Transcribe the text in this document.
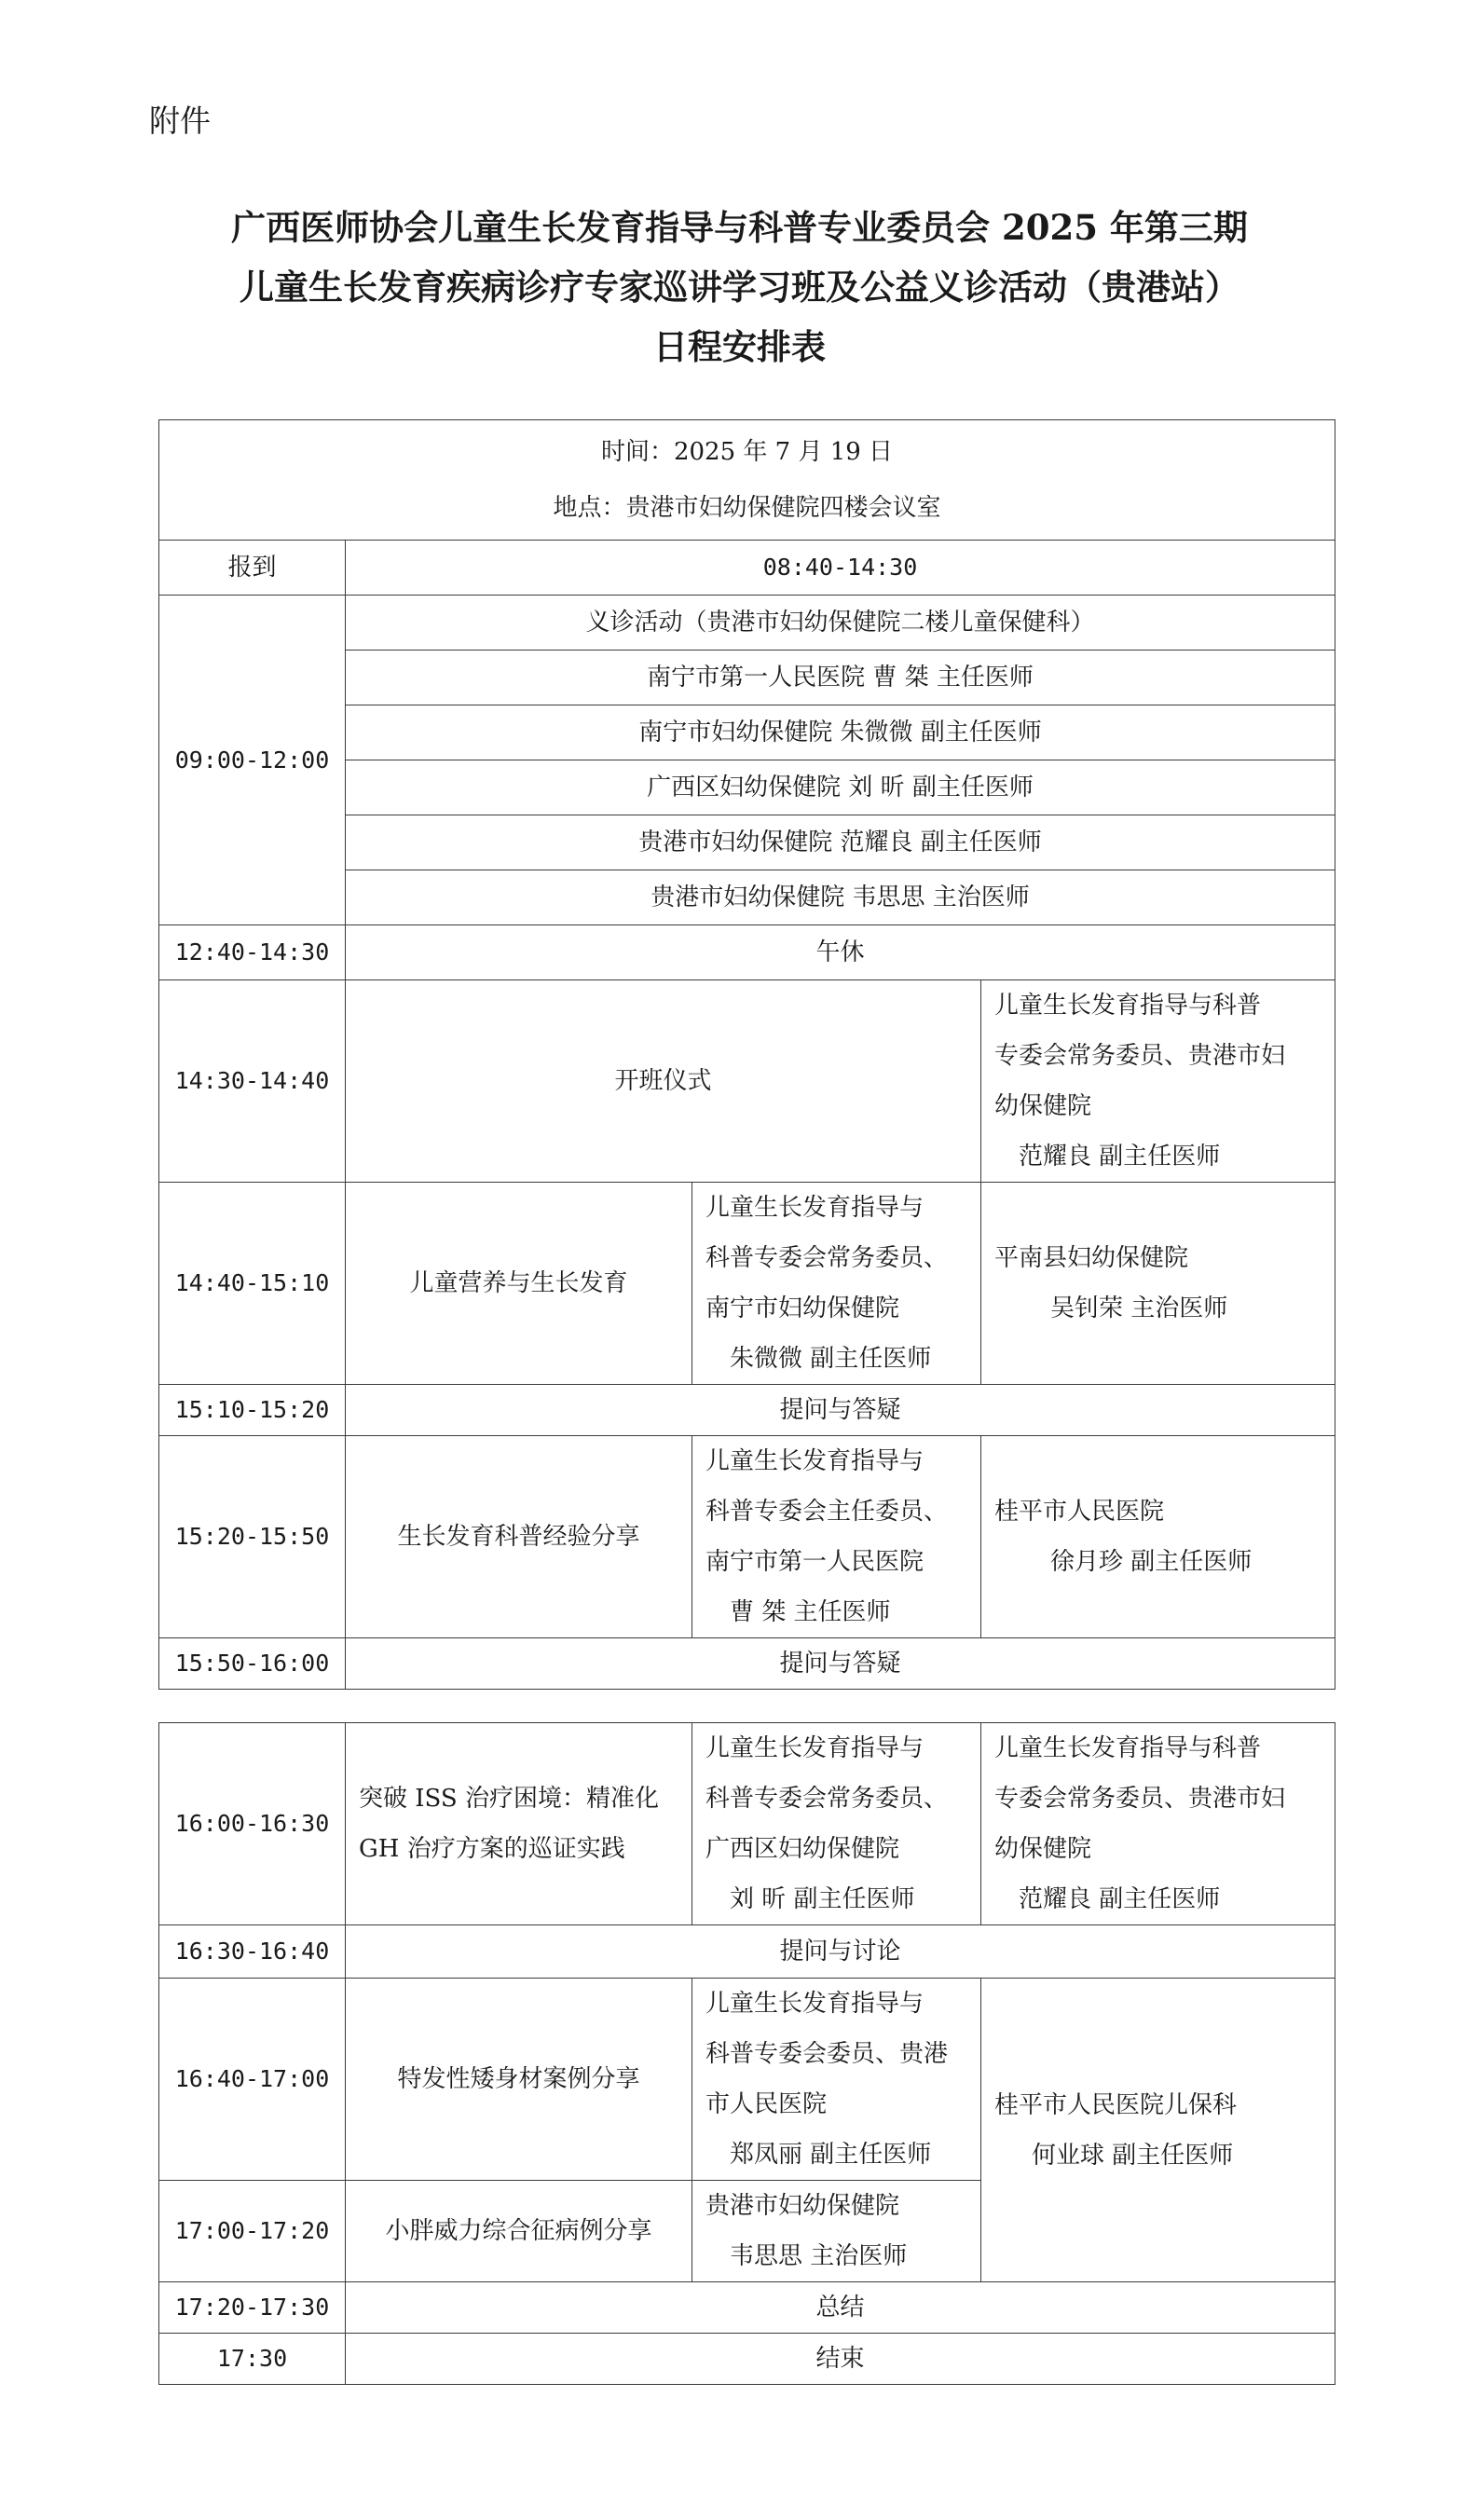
附件
广西医师协会儿童生长发育指导与科普专业委员会 2025 年第三期
儿童生长发育疾病诊疗专家巡讲学习班及公益义诊活动（贵港站）
日程安排表
时间：2025 年 7 月 19 日
地点：贵港市妇幼保健院四楼会议室			

报到	08:40-14:30		
09:00-12:00	义诊活动（贵港市妇幼保健院二楼儿童保健科）		
	南宁市第一人民医院 曹 桀 主任医师		
	南宁市妇幼保健院 朱微微 副主任医师		
	广西区妇幼保健院 刘 昕 副主任医师		
	贵港市妇幼保健院 范耀良 副主任医师		
	贵港市妇幼保健院 韦思思 主治医师		
12:40-14:30	午休		
14:30-14:40	开班仪式		儿童生长发育指导与科普
专委会常务委员、贵港市妇
幼保健院
范耀良 副主任医师

14:40-15:10	儿童营养与生长发育	儿童生长发育指导与
科普专委会常务委员、
南宁市妇幼保健院
朱微微 副主任医师	平南县妇幼保健院
吴钊荣 主治医师

15:10-15:20	提问与答疑		
15:20-15:50	生长发育科普经验分享	儿童生长发育指导与
科普专委会主任委员、
南宁市第一人民医院
曹 桀 主任医师	桂平市人民医院
徐月珍 副主任医师

15:50-16:00	提问与答疑		
16:00-16:30	突破 ISS 治疗困境：精准化
GH 治疗方案的巡证实践	儿童生长发育指导与
科普专委会常务委员、
广西区妇幼保健院
刘 昕 副主任医师	儿童生长发育指导与科普
专委会常务委员、贵港市妇
幼保健院
范耀良 副主任医师

16:30-16:40	提问与讨论		
16:40-17:00	特发性矮身材案例分享	儿童生长发育指导与
科普专委会委员、贵港
市人民医院
郑凤丽 副主任医师	桂平市人民医院儿保科
何业球 副主任医师

17:00-17:20	小胖威力综合征病例分享	贵港市妇幼保健院
韦思思 主治医师	

17:20-17:30	总结		
17:30	结束		
